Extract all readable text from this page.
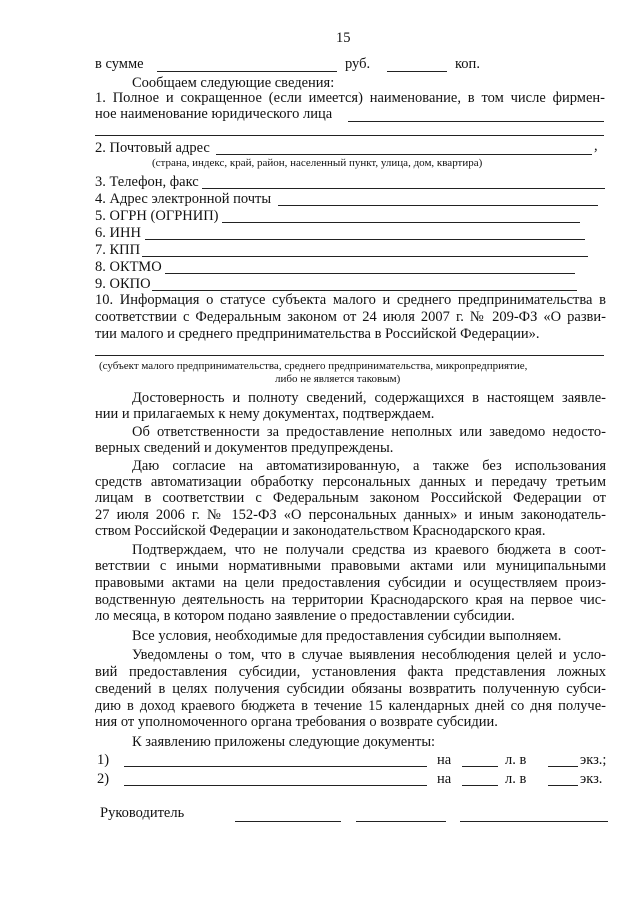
15
в сумме	руб.	коп.
Сообщаем следующие сведения:
1. Полное и сокращенное (если имеется) наименование, в том числе фирмен-
ное наименование юридического лица
2. Почтовый адрес	,
(страна, индекс, край, район, населенный пункт, улица, дом, квартира)
3. Телефон, факс
4. Адрес электронной почты
5. ОГРН (ОГРНИП)
6. ИНН
7. КПП
8. ОКТМО
9. ОКПО
10. Информация о статусе субъекта малого и среднего предпринимательства в
соответствии с Федеральным законом от 24 июля 2007 г. № 209-ФЗ «О разви-
тии малого и среднего предпринимательства в Российской Федерации».
(субъект малого предпринимательства, среднего предпринимательства, микропредприятие,
либо не является таковым)
Достоверность и полноту сведений, содержащихся в настоящем заявле-
нии и прилагаемых к нему документах, подтверждаем.
Об ответственности за предоставление неполных или заведомо недосто-
верных сведений и документов предупреждены.
Даю согласие на автоматизированную, а также без использования
средств автоматизации обработку персональных данных и передачу третьим
лицам в соответствии с Федеральным законом Российской Федерации от
27 июля 2006 г. № 152-ФЗ «О персональных данных» и иным законодатель-
ством Российской Федерации и законодательством Краснодарского края.
Подтверждаем, что не получали средства из краевого бюджета в соот-
ветствии с иными нормативными правовыми актами или муниципальными
правовыми актами на цели предоставления субсидии и осуществляем произ-
водственную деятельность на территории Краснодарского края на первое чис-
ло месяца, в котором подано заявление о предоставлении субсидии.
Все условия, необходимые для предоставления субсидии выполняем.
Уведомлены о том, что в случае выявления несоблюдения целей и усло-
вий предоставления субсидии, установления факта представления ложных
сведений в целях получения субсидии обязаны возвратить полученную субси-
дию в доход краевого бюджета в течение 15 календарных дней со дня получе-
ния от уполномоченного органа требования о возврате субсидии.
К заявлению приложены следующие документы:
1)	на	л. в	экз.;
2)	на	л. в	экз.
Руководитель
